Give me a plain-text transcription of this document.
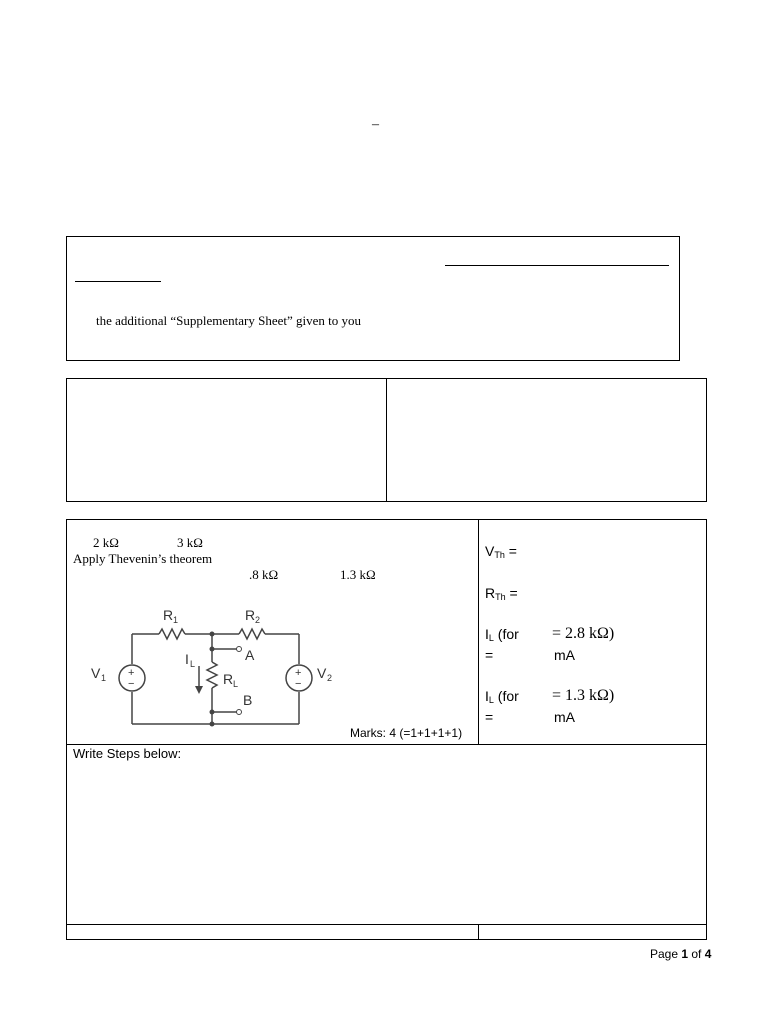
–
the additional “Supplementary Sheet” given to you
2 kΩ	3 kΩ
Apply Thevenin’s theorem
.8 kΩ	1.3 kΩ
+
−
+
−
R 1	R 2
I L
R L
A
B
V 1	V 2
Marks: 4 (=1+1+1+1)
$V_{Th}$ =
$R_{Th}$ =
$I_L$ (for = 2.8 kΩ)
=	mA
$I_L$ (for = 1.3 kΩ)
=	mA
Write Steps below:
Page 1 of 4
